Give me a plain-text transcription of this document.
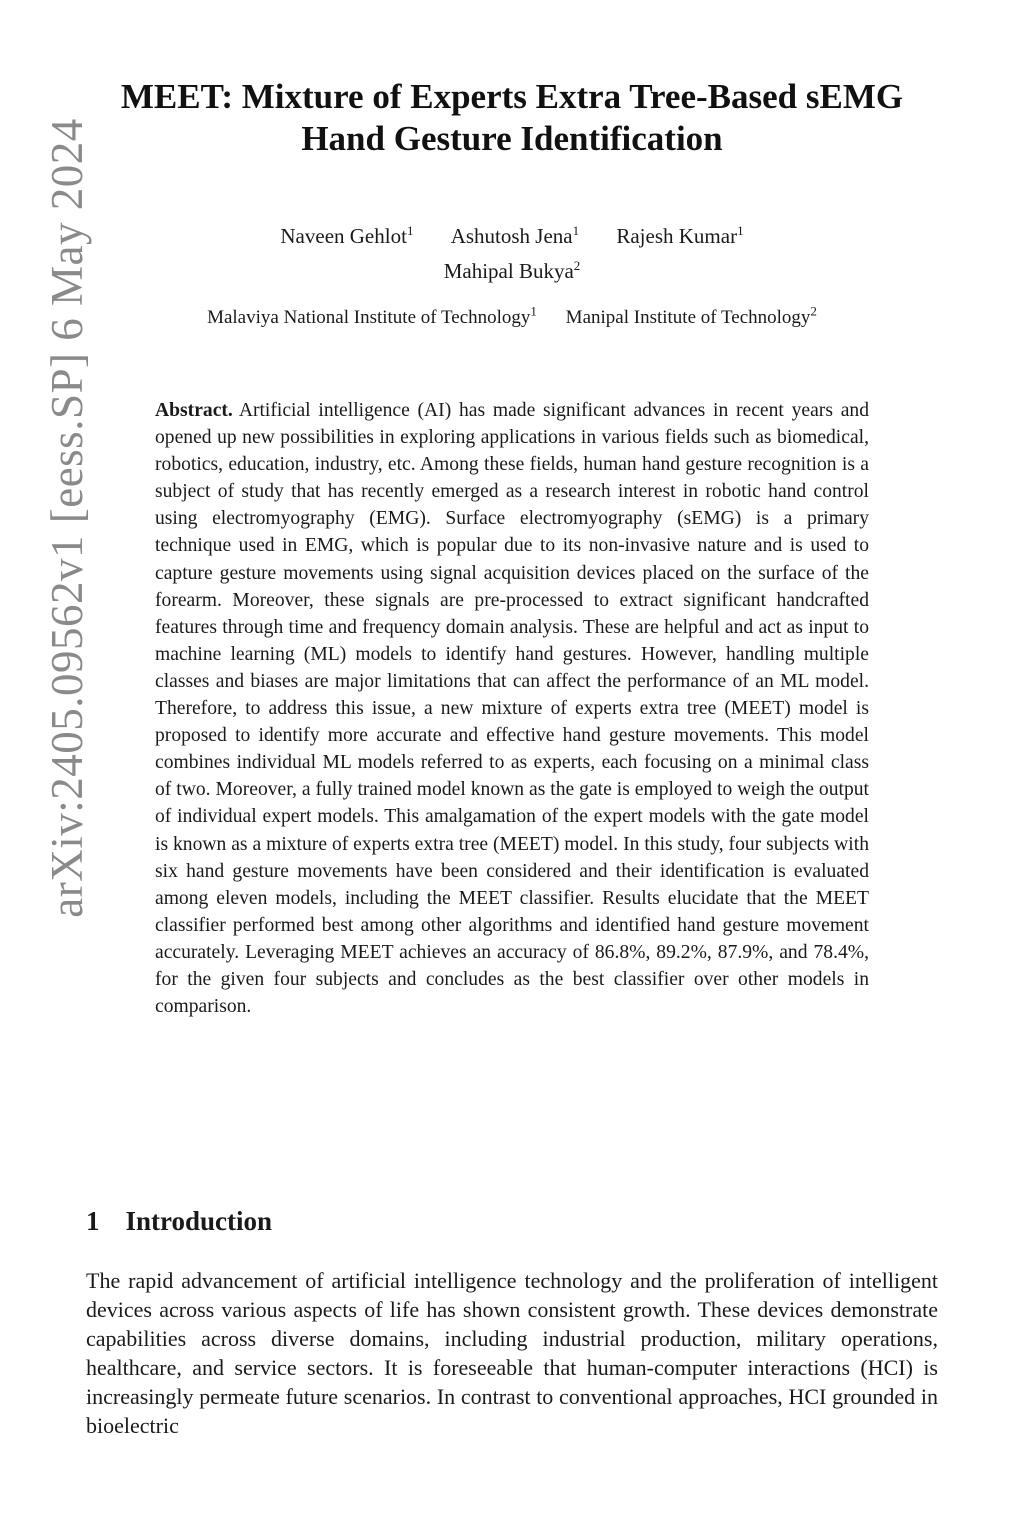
arXiv:2405.09562v1 [eess.SP] 6 May 2024
MEET: Mixture of Experts Extra Tree-Based sEMG Hand Gesture Identification
Naveen Gehlot$^1$ Ashutosh Jena$^1$ Rajesh Kumar$^1$
Mahipal Bukya$^2$
Malaviya National Institute of Technology$^1$ Manipal Institute of Technology$^2$
Abstract. Artificial intelligence (AI) has made significant advances in recent years and opened up new possibilities in exploring applications in various fields such as biomedical, robotics, education, industry, etc. Among these fields, human hand gesture recognition is a subject of study that has recently emerged as a research interest in robotic hand control using electromyography (EMG). Surface electromyography (sEMG) is a primary technique used in EMG, which is popular due to its non-invasive nature and is used to capture gesture movements using signal acquisition devices placed on the surface of the forearm. Moreover, these signals are pre-processed to extract significant handcrafted features through time and frequency domain analysis. These are helpful and act as input to machine learning (ML) models to identify hand gestures. However, handling multiple classes and biases are major limitations that can affect the performance of an ML model. Therefore, to address this issue, a new mixture of experts extra tree (MEET) model is proposed to identify more accurate and effective hand gesture movements. This model combines individual ML models referred to as experts, each focusing on a minimal class of two. Moreover, a fully trained model known as the gate is employed to weigh the output of individual expert models. This amalgamation of the expert models with the gate model is known as a mixture of experts extra tree (MEET) model. In this study, four subjects with six hand gesture movements have been considered and their identification is evaluated among eleven models, including the MEET classifier. Results elucidate that the MEET classifier performed best among other algorithms and identified hand gesture movement accurately. Leveraging MEET achieves an accuracy of 86.8%, 89.2%, 87.9%, and 78.4%, for the given four subjects and concludes as the best classifier over other models in comparison.
1 Introduction
The rapid advancement of artificial intelligence technology and the proliferation of intelligent devices across various aspects of life has shown consistent growth. These devices demonstrate capabilities across diverse domains, including industrial production, military operations, healthcare, and service sectors. It is foreseeable that human-computer interactions (HCI) is increasingly permeate future scenarios. In contrast to conventional approaches, HCI grounded in bioelectric
